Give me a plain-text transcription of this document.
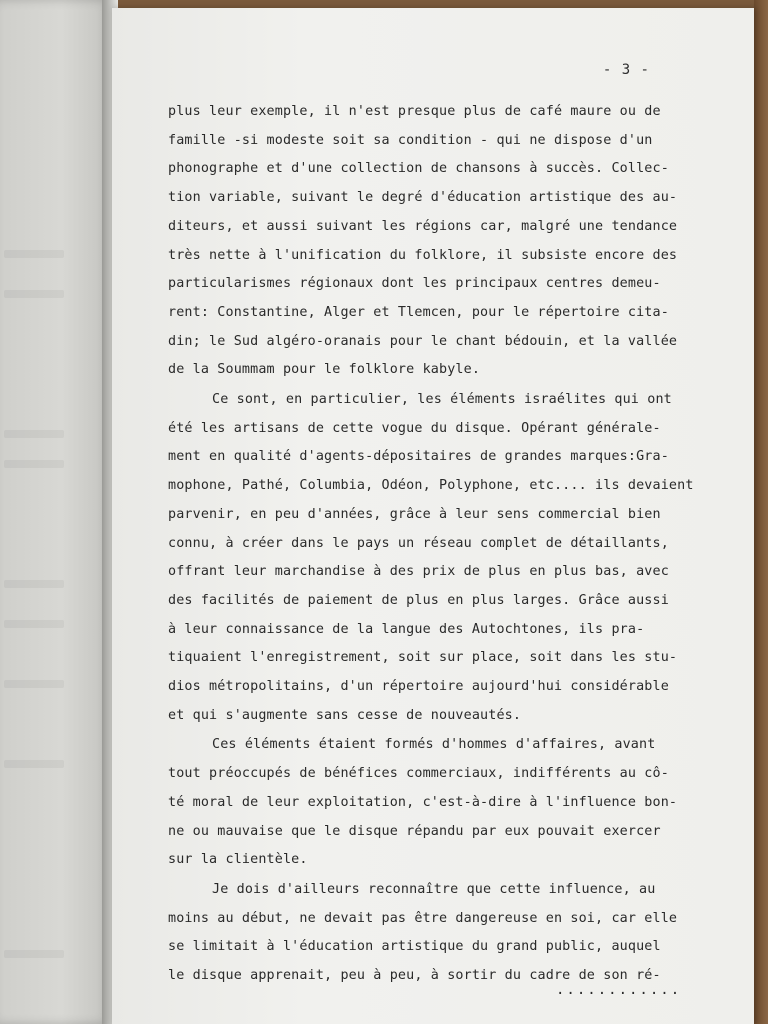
- 3 -
plus leur exemple, il n'est presque plus de café maure ou de
famille -si modeste soit sa condition - qui ne dispose d'un
phonographe et d'une collection de chansons à succès. Collec-
tion variable, suivant le degré d'éducation artistique des au-
diteurs, et aussi suivant les régions car, malgré une tendance
très nette à l'unification du folklore, il subsiste encore des
particularismes régionaux dont les principaux centres demeu-
rent: Constantine, Alger et Tlemcen, pour le répertoire cita-
din; le Sud algéro-oranais pour le chant bédouin, et la vallée
de la Soummam pour le folklore kabyle.
Ce sont, en particulier, les éléments israélites qui ont
été les artisans de cette vogue du disque. Opérant générale-
ment en qualité d'agents-dépositaires de grandes marques:Gra-
mophone, Pathé, Columbia, Odéon, Polyphone, etc.... ils devaient
parvenir, en peu d'années, grâce à leur sens commercial bien
connu, à créer dans le pays un réseau complet de détaillants,
offrant leur marchandise à des prix de plus en plus bas, avec
des facilités de paiement de plus en plus larges. Grâce aussi
à leur connaissance de la langue des Autochtones, ils pra-
tiquaient l'enregistrement, soit sur place, soit dans les stu-
dios métropolitains, d'un répertoire aujourd'hui considérable
et qui s'augmente sans cesse de nouveautés.
Ces éléments étaient formés d'hommes d'affaires, avant
tout préoccupés de bénéfices commerciaux, indifférents au cô-
té moral de leur exploitation, c'est-à-dire à l'influence bon-
ne ou mauvaise que le disque répandu par eux pouvait exercer
sur la clientèle.
Je dois d'ailleurs reconnaître que cette influence, au
moins au début, ne devait pas être dangereuse en soi, car elle
se limitait à l'éducation artistique du grand public, auquel
le disque apprenait, peu à peu, à sortir du cadre de son ré-
............
